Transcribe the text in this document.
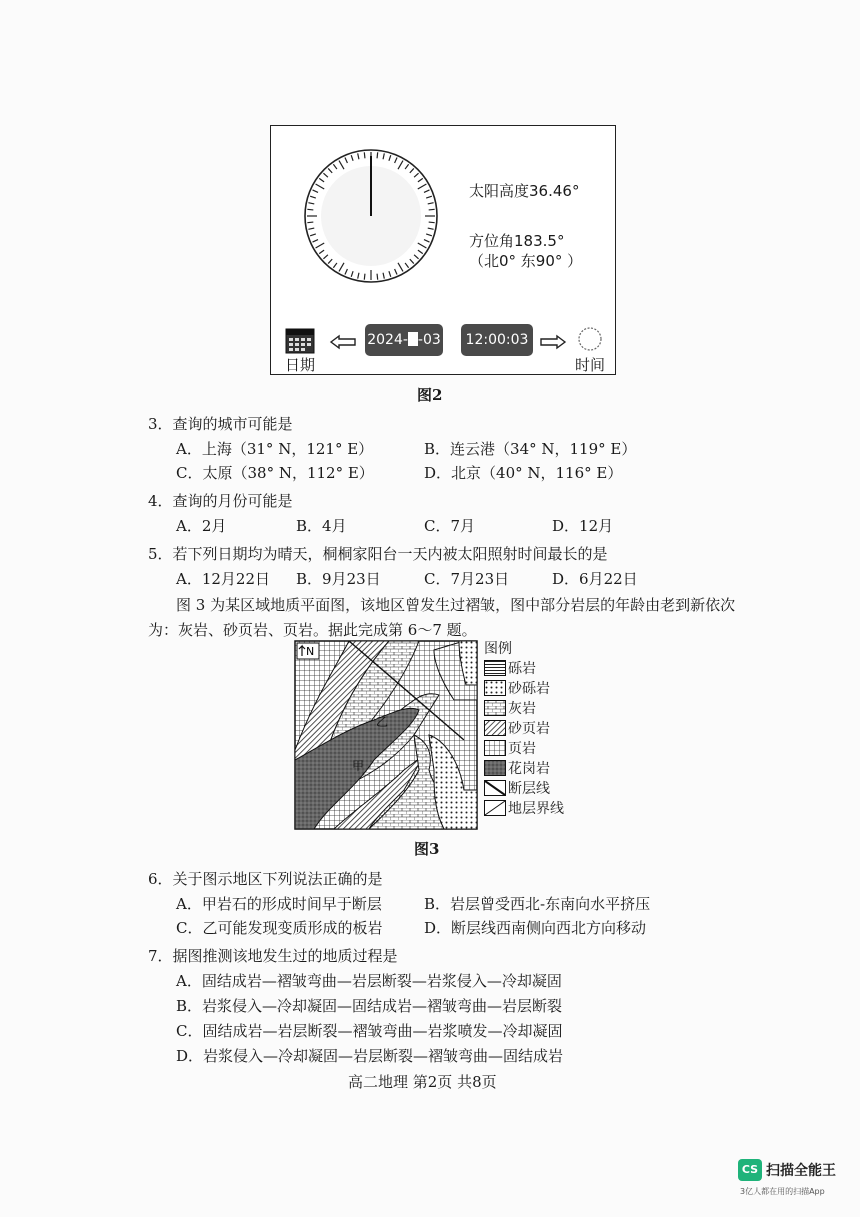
太阳高度36.46°
方位角183.5°
（北0° 东90° ）
日期
2024- -03	12:00:03
时间
图2
3．查询的城市可能是
A．上海（31° N，121° E）	B．连云港（34° N，119° E）
C．太原（38° N，112° E）	D．北京（40° N，116° E）
4．查询的月份可能是
A．2月	B．4月	C．7月	D．12月
5．若下列日期均为晴天，桐桐家阳台一天内被太阳照射时间最长的是
A．12月22日 B．9月23日	C．7月23日	D．6月22日
图 3 为某区域地质平面图，该地区曾发生过褶皱，图中部分岩层的年龄由老到新依次
为：灰岩、砂页岩、页岩。据此完成第 6～7 题。
N
甲
乙
图例
砾岩
砂砾岩
灰岩
砂页岩
页岩
花岗岩
断层线
地层界线
图3
6．关于图示地区下列说法正确的是
A．甲岩石的形成时间早于断层	B．岩层曾受西北-东南向水平挤压
C．乙可能发现变质形成的板岩	D．断层线西南侧向西北方向移动
7．据图推测该地发生过的地质过程是
A．固结成岩—褶皱弯曲—岩层断裂—岩浆侵入—冷却凝固
B．岩浆侵入—冷却凝固—固结成岩—褶皱弯曲—岩层断裂
C．固结成岩—岩层断裂—褶皱弯曲—岩浆喷发—冷却凝固
D．岩浆侵入—冷却凝固—岩层断裂—褶皱弯曲—固结成岩
高二地理 第2页 共8页
CS 扫描全能王
3亿人都在用的扫描App
